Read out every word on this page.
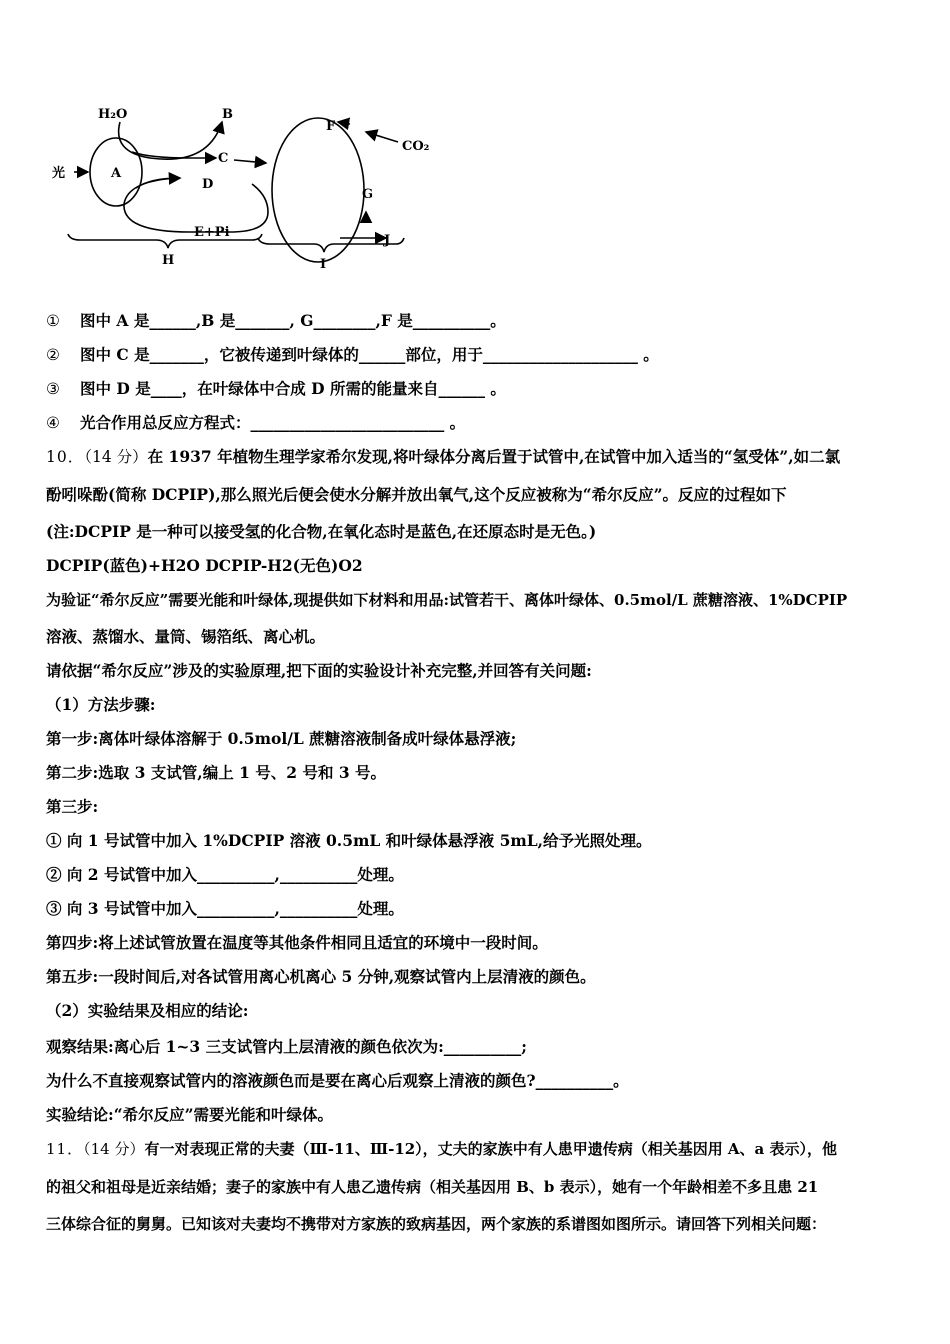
H₂O
光	A
B
C
D
E+Pi
F
CO₂
G
J
H	I
① 图中 A 是______,B 是_______, G________,F 是__________。
② 图中 C 是_______，它被传递到叶绿体的______部位，用于____________________ 。
③ 图中 D 是____，在叶绿体中合成 D 所需的能量来自______ 。
④ 光合作用总反应方程式：_________________________ 。
10．（14 分）在 1937 年植物生理学家希尔发现,将叶绿体分离后置于试管中,在试管中加入适当的“氢受体”,如二氯
酚吲哚酚(简称 DCPIP),那么照光后便会使水分解并放出氧气,这个反应被称为“希尔反应”。反应的过程如下
(注:DCPIP 是一种可以接受氢的化合物,在氧化态时是蓝色,在还原态时是无色。)
DCPIP(蓝色)+H2O DCPIP-H2(无色)O2
为验证“希尔反应”需要光能和叶绿体,现提供如下材料和用品:试管若干、离体叶绿体、0.5mol/L 蔗糖溶液、1%DCPIP
溶液、蒸馏水、量筒、锡箔纸、离心机。
请依据“希尔反应”涉及的实验原理,把下面的实验设计补充完整,并回答有关问题:
（1）方法步骤:
第一步:离体叶绿体溶解于 0.5mol/L 蔗糖溶液制备成叶绿体悬浮液;
第二步:选取 3 支试管,编上 1 号、2 号和 3 号。
第三步:
① 向 1 号试管中加入 1%DCPIP 溶液 0.5mL 和叶绿体悬浮液 5mL,给予光照处理。
② 向 2 号试管中加入__________,__________处理。
③ 向 3 号试管中加入__________,__________处理。
第四步:将上述试管放置在温度等其他条件相同且适宜的环境中一段时间。
第五步:一段时间后,对各试管用离心机离心 5 分钟,观察试管内上层清液的颜色。
（2）实验结果及相应的结论:
观察结果:离心后 1~3 三支试管内上层清液的颜色依次为:__________;
为什么不直接观察试管内的溶液颜色而是要在离心后观察上清液的颜色?__________。
实验结论:“希尔反应”需要光能和叶绿体。
11．（14 分）有一对表现正常的夫妻（Ⅲ-11、Ⅲ-12），丈夫的家族中有人患甲遗传病（相关基因用 A、a 表示），他
的祖父和祖母是近亲结婚；妻子的家族中有人患乙遗传病（相关基因用 B、b 表示），她有一个年龄相差不多且患 21
三体综合征的舅舅。已知该对夫妻均不携带对方家族的致病基因，两个家族的系谱图如图所示。请回答下列相关问题：
